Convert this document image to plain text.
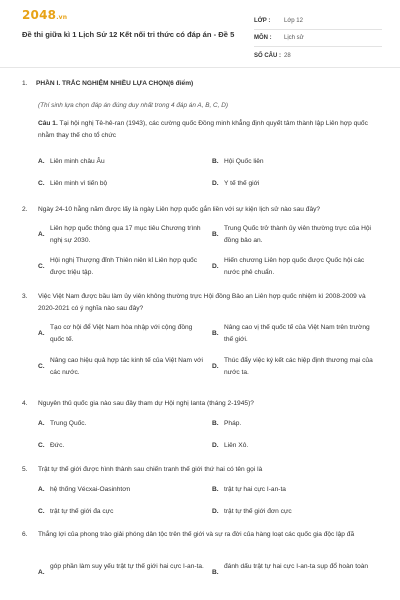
2048.vn
Đề thi giữa kì 1 Lịch Sử 12 Kết nối tri thức có đáp án - Đề 5
LỚP :	Lớp 12
MÔN :	Lịch sử
SỐ CÂU : 28
1. PHẦN I. TRẮC NGHIỆM NHIỀU LỰA CHỌN(6 điểm)
(Thí sinh lựa chọn đáp án đúng duy nhất trong 4 đáp án A, B, C, D)
Câu 1. Tại hội nghị Tê-hê-ran (1943), các cường quốc Đồng minh khẳng định quyết tâm thành lập Liên hợp quốc nhằm thay thế cho tổ chức
A. Liên minh châu Âu	B. Hội Quốc liên
C. Liên minh vì tiến bộ	D. Y tế thế giới
2.	Ngày 24-10 hằng năm được lấy là ngày Liên hợp quốc gắn liền với sự kiện lịch sử nào sau đây?
A.
Liên hợp quốc thông qua 17 mục tiêu Chương trình nghị sự 2030.
B.
Trung Quốc trở thành ủy viên thường trực của Hội đồng bảo an.
C.
Hội nghị Thượng đỉnh Thiên niên kỉ Liên hợp quốc được triệu tập.
D.
Hiến chương Liên hợp quốc được Quốc hội các nước phê chuẩn.
3.	Việc Việt Nam được bầu làm ủy viên không thường trực Hội đồng Bảo an Liên hợp quốc nhiệm kì 2008-2009 và 2020-2021 có ý nghĩa nào sau đây?
A.
Tạo cơ hội để Việt Nam hòa nhập với cộng đồng quốc tế.
B.
Nâng cao vị thế quốc tế của Việt Nam trên trường thế giới.
C.
Nâng cao hiệu quả hợp tác kinh tế của Việt Nam với các nước.
D.
Thúc đẩy việc ký kết các hiệp định thương mại của nước ta.
4.	Nguyên thủ quốc gia nào sau đây tham dự Hội nghị Ianta (tháng 2-1945)?
A. Trung Quốc.	B. Pháp.
C. Đức.	D. Liên Xô.
5.	Trật tự thế giới được hình thành sau chiến tranh thế giới thứ hai có tên gọi là
A. hệ thống Vécxai-Oasinhtơn	B. trật tự hai cực I-an-ta
C. trật tự thế giới đa cực	D. trật tự thế giới đơn cực
6.	Thắng lợi của phong trào giải phóng dân tộc trên thế giới và sự ra đời của hàng loạt các quốc gia độc lập đã
A.
góp phần làm suy yếu trật tự thế giới hai cực I-an-ta.
B.
đánh dấu trật tự hai cực I-an-ta sụp đổ hoàn toàn
